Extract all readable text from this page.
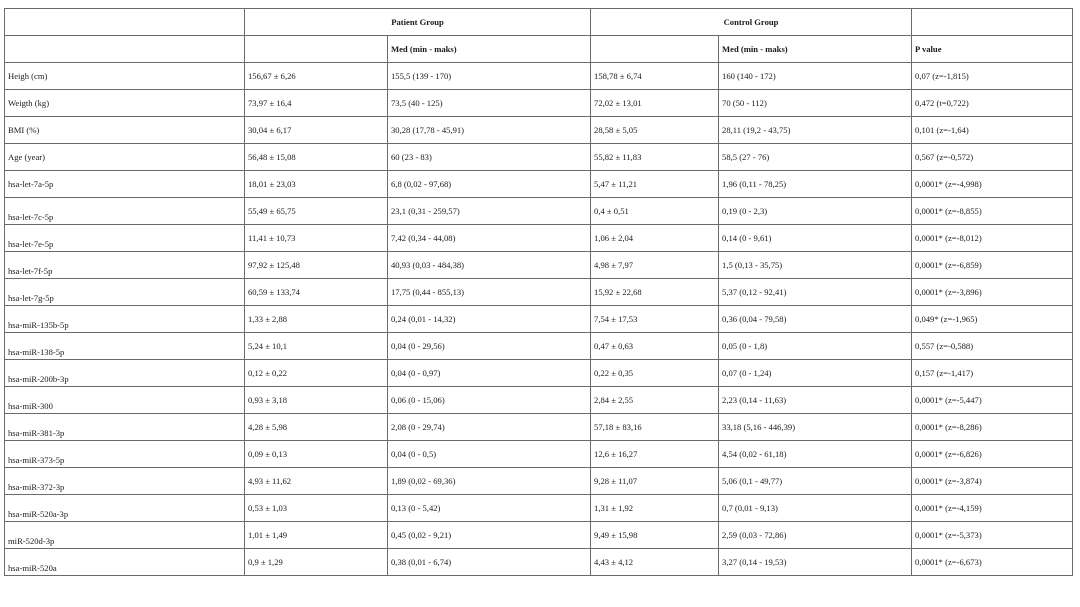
	Patient Group		Control Group		
		Med (min - maks)		Med (min - maks)	P value
Heigh (cm)	156,67 ± 6,26	155,5 (139 - 170)	158,78 ± 6,74	160 (140 - 172)	0,07 (z=-1,815)
Weigth (kg)	73,97 ± 16,4	73,5 (40 - 125)	72,02 ± 13,01	70 (50 - 112)	0,472 (t=0,722)
BMI (%)	30,04 ± 6,17	30,28 (17,78 - 45,91)	28,58 ± 5,05	28,11 (19,2 - 43,75)	0,101 (z=-1,64)
Age (year)	56,48 ± 15,08	60 (23 - 83)	55,82 ± 11,83	58,5 (27 - 76)	0,567 (z=-0,572)
hsa-let-7a-5p	18,01 ± 23,03	6,8 (0,02 - 97,68)	5,47 ± 11,21	1,96 (0,11 - 78,25)	0,0001* (z=-4,998)
hsa-let-7c-5p	55,49 ± 65,75	23,1 (0,31 - 259,57)	0,4 ± 0,51	0,19 (0 - 2,3)	0,0001* (z=-8,855)
hsa-let-7e-5p	11,41 ± 10,73	7,42 (0,34 - 44,08)	1,06 ± 2,04	0,14 (0 - 9,61)	0,0001* (z=-8,012)
hsa-let-7f-5p	97,92 ± 125,48	40,93 (0,03 - 484,38)	4,98 ± 7,97	1,5 (0,13 - 35,75)	0,0001* (z=-6,859)
hsa-let-7g-5p	60,59 ± 133,74	17,75 (0,44 - 855,13)	15,92 ± 22,68	5,37 (0,12 - 92,41)	0,0001* (z=-3,896)
hsa-miR-135b-5p	1,33 ± 2,88	0,24 (0,01 - 14,32)	7,54 ± 17,53	0,36 (0,04 - 79,58)	0,049* (z=-1,965)
hsa-miR-138-5p	5,24 ± 10,1	0,04 (0 - 29,56)	0,47 ± 0,63	0,05 (0 - 1,8)	0,557 (z=-0,588)
hsa-miR-200b-3p	0,12 ± 0,22	0,04 (0 - 0,97)	0,22 ± 0,35	0,07 (0 - 1,24)	0,157 (z=-1,417)
hsa-miR-300	0,93 ± 3,18	0,06 (0 - 15,06)	2,84 ± 2,55	2,23 (0,14 - 11,63)	0,0001* (z=-5,447)
hsa-miR-381-3p	4,28 ± 5,98	2,08 (0 - 29,74)	57,18 ± 83,16	33,18 (5,16 - 446,39)	0,0001* (z=-8,286)
hsa-miR-373-5p	0,09 ± 0,13	0,04 (0 - 0,5)	12,6 ± 16,27	4,54 (0,02 - 61,18)	0,0001* (z=-6,826)
hsa-miR-372-3p	4,93 ± 11,62	1,89 (0,02 - 69,36)	9,28 ± 11,07	5,06 (0,1 - 49,77)	0,0001* (z=-3,874)
hsa-miR-520a-3p	0,53 ± 1,03	0,13 (0 - 5,42)	1,31 ± 1,92	0,7 (0,01 - 9,13)	0,0001* (z=-4,159)
miR-520d-3p	1,01 ± 1,49	0,45 (0,02 - 9,21)	9,49 ± 15,98	2,59 (0,03 - 72,86)	0,0001* (z=-5,373)
hsa-miR-520a	0,9 ± 1,29	0,38 (0,01 - 6,74)	4,43 ± 4,12	3,27 (0,14 - 19,53)	0,0001* (z=-6,673)
